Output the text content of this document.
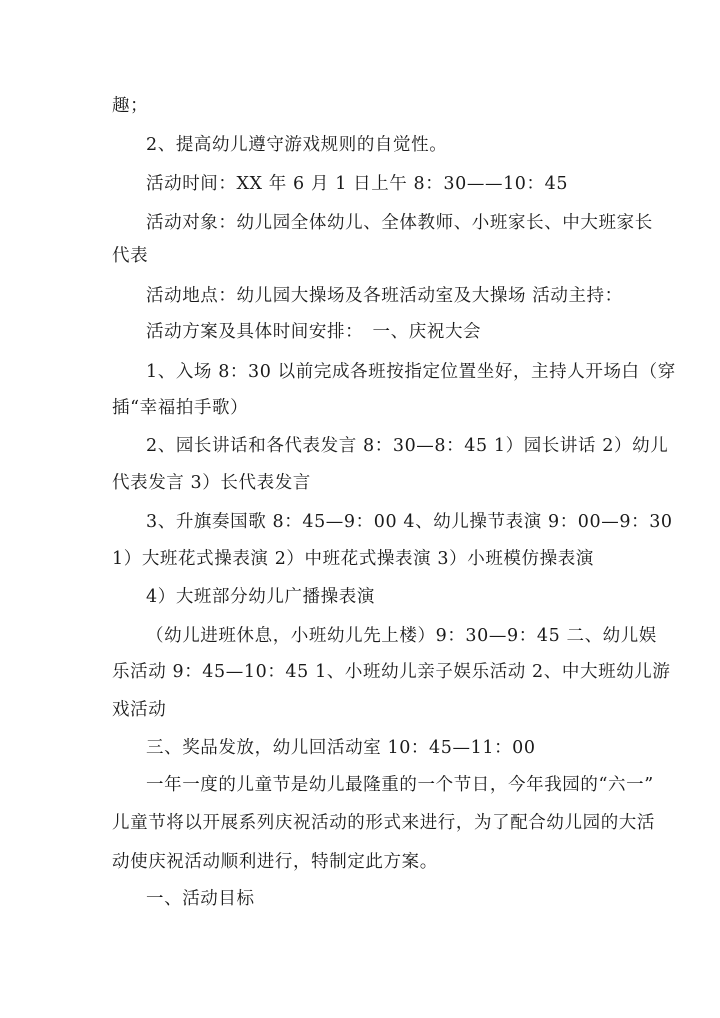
趣；
2、提高幼儿遵守游戏规则的自觉性。
活动时间：XX 年 6 月 1 日上午 8：30——10：45
活动对象：幼儿园全体幼儿、全体教师、小班家长、中大班家长
代表
活动地点：幼儿园大操场及各班活动室及大操场 活动主持：
活动方案及具体时间安排：　一、庆祝大会
1、入场 8：30 以前完成各班按指定位置坐好，主持人开场白（穿
插“幸福拍手歌）
2、园长讲话和各代表发言 8：30—8：45 1）园长讲话 2）幼儿
代表发言 3）长代表发言
3、升旗奏国歌 8：45—9：00 4、幼儿操节表演 9：00—9：30
1）大班花式操表演 2）中班花式操表演 3）小班模仿操表演
4）大班部分幼儿广播操表演
（幼儿进班休息，小班幼儿先上楼）9：30—9：45 二、幼儿娱
乐活动 9：45—10：45 1、小班幼儿亲子娱乐活动 2、中大班幼儿游
戏活动
三、奖品发放，幼儿回活动室 10：45—11：00
一年一度的儿童节是幼儿最隆重的一个节日，今年我园的“六一”
儿童节将以开展系列庆祝活动的形式来进行，为了配合幼儿园的大活
动使庆祝活动顺利进行，特制定此方案。
一、活动目标
